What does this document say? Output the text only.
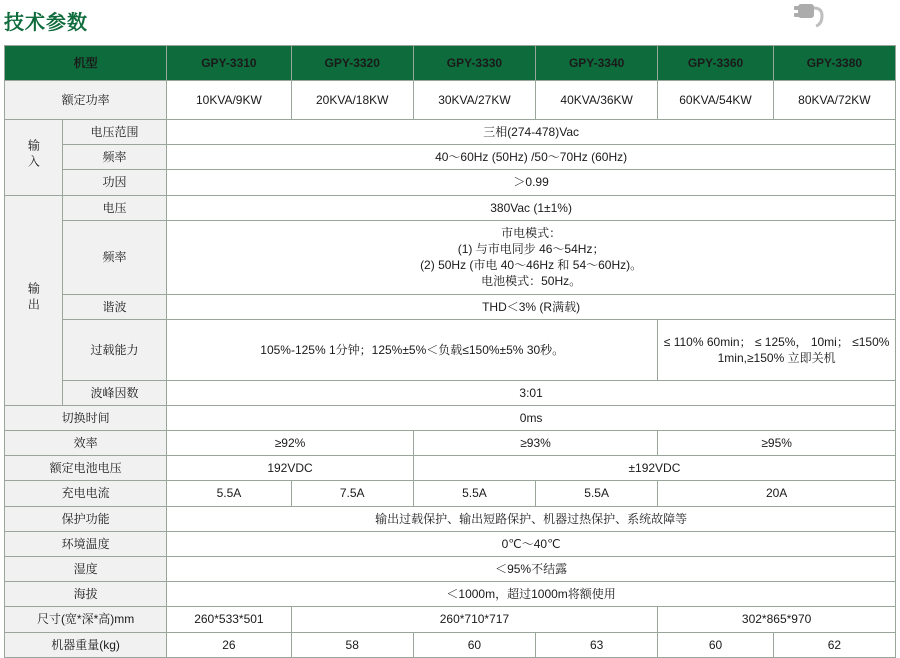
技术参数
机型		GPY-3310	GPY-3320	GPY-3330	GPY-3340	GPY-3360	GPY-3380
额定功率		10KVA/9KW	20KVA/18KW	30KVA/27KW	40KVA/36KW	60KVA/54KW	80KVA/72KW
输入	电压范围	三相(274-478)Vac					
	频率	40～60Hz (50Hz) /50～70Hz (60Hz)					
	功因	＞0.99					
输出	电压	380Vac (1±1%)					
	频率	市电模式：
(1) 与市电同步 46～54Hz；
(2) 50Hz (市电 40～46Hz 和 54～60Hz)。
电池模式：50Hz。					

	谐波	THD＜3% (R满载)					
	过载能力	105%-125% 1分钟；125%±5%＜负载≤150%±5% 30秒。				≤ 110% 60min； ≤ 125%， 10mi； ≤150% 1min,≥150% 立即关机	
	波峰因数	3:01					
切换时间		0ms					
效率		≥92%		≥93%		≥95%	
额定电池电压		192VDC		±192VDC			
充电电流		5.5A	7.5A	5.5A	5.5A	20A	
保护功能		输出过载保护、输出短路保护、机器过热保护、系统故障等					
环境温度		0℃～40℃					
湿度		＜95%不结露					
海拔		＜1000m，超过1000m将额使用					
尺寸(宽*深*高)mm		260*533*501	260*710*717			302*865*970	
机器重量(kg)		26	58	60	63	60	62
